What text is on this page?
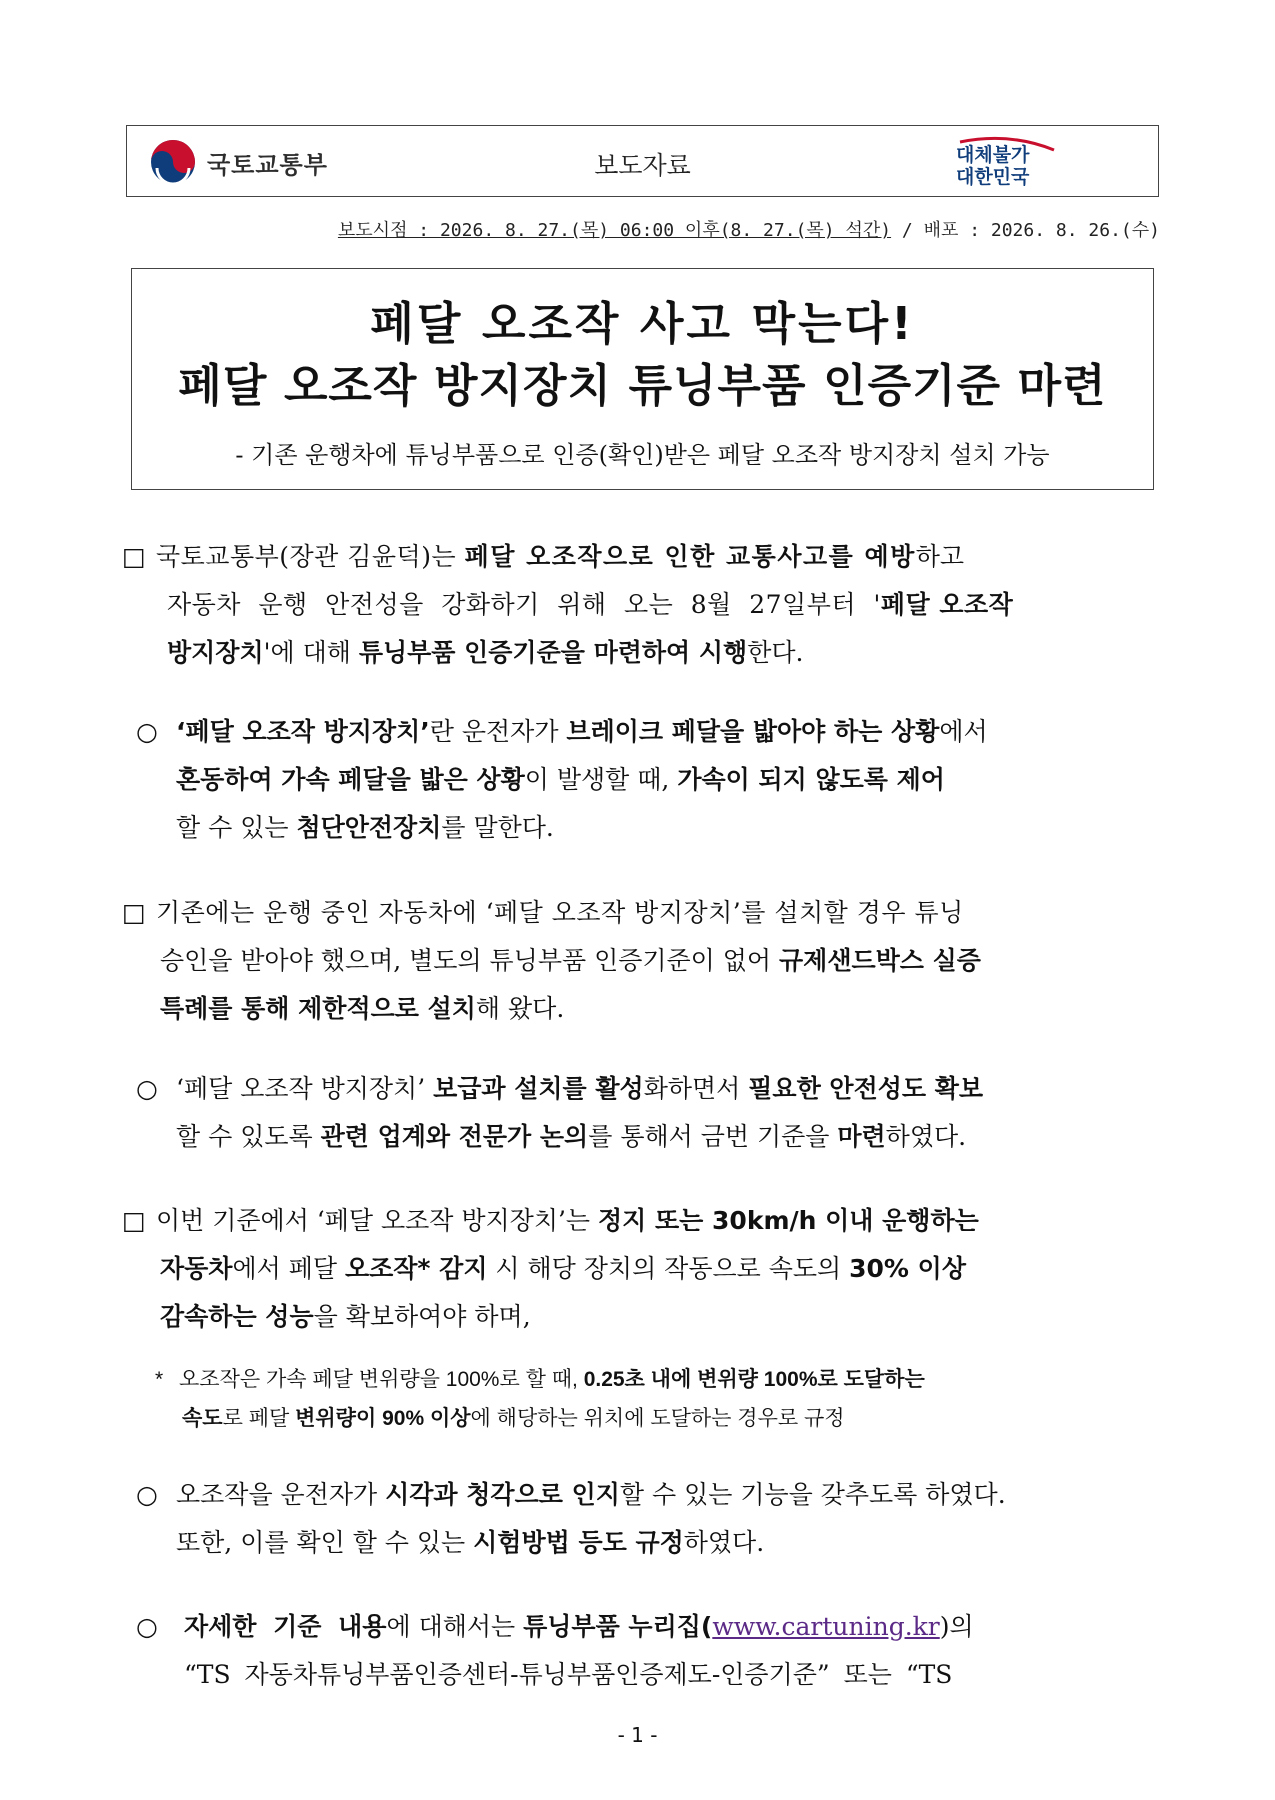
국토교통부	보도자료	대체불가
대한민국
보도시점 : 2026. 8. 27.(목) 06:00 이후(8. 27.(목) 석간) / 배포 : 2026. 8. 26.(수)
페달 오조작 사고 막는다!
페달 오조작 방지장치 튜닝부품 인증기준 마련
- 기존 운행차에 튜닝부품으로 인증(확인)받은 페달 오조작 방지장치 설치 가능
□ 국토교통부(장관 김윤덕)는 페달 오조작으로 인한 교통사고를 예방하고
자동차 운행 안전성을 강화하기 위해 오는 8월 27일부터 '페달 오조작
방지장치'에 대해 튜닝부품 인증기준을 마련하여 시행한다.
○ ‘페달 오조작 방지장치’란 운전자가 브레이크 페달을 밟아야 하는 상황에서
혼동하여 가속 페달을 밟은 상황이 발생할 때, 가속이 되지 않도록 제어
할 수 있는 첨단안전장치를 말한다.
□ 기존에는 운행 중인 자동차에 ‘페달 오조작 방지장치’를 설치할 경우 튜닝
승인을 받아야 했으며, 별도의 튜닝부품 인증기준이 없어 규제샌드박스 실증
특례를 통해 제한적으로 설치해 왔다.
○ ‘페달 오조작 방지장치’ 보급과 설치를 활성화하면서 필요한 안전성도 확보
할 수 있도록 관련 업계와 전문가 논의를 통해서 금번 기준을 마련하였다.
□ 이번 기준에서 ‘페달 오조작 방지장치’는 정지 또는 30km/h 이내 운행하는
자동차에서 페달 오조작* 감지 시 해당 장치의 작동으로 속도의 30% 이상
감속하는 성능을 확보하여야 하며,
* 오조작은 가속 페달 변위량을 100%로 할 때, 0.25초 내에 변위량 100%로 도달하는
속도로 페달 변위량이 90% 이상에 해당하는 위치에 도달하는 경우로 규정
○ 오조작을 운전자가 시각과 청각으로 인지할 수 있는 기능을 갖추도록 하였다.
또한, 이를 확인 할 수 있는 시험방법 등도 규정하였다.
○ 자세한 기준 내용에 대해서는 튜닝부품 누리집(www.cartuning.kr)의
“TS 자동차튜닝부품인증센터-튜닝부품인증제도-인증기준” 또는 “TS
- 1 -
